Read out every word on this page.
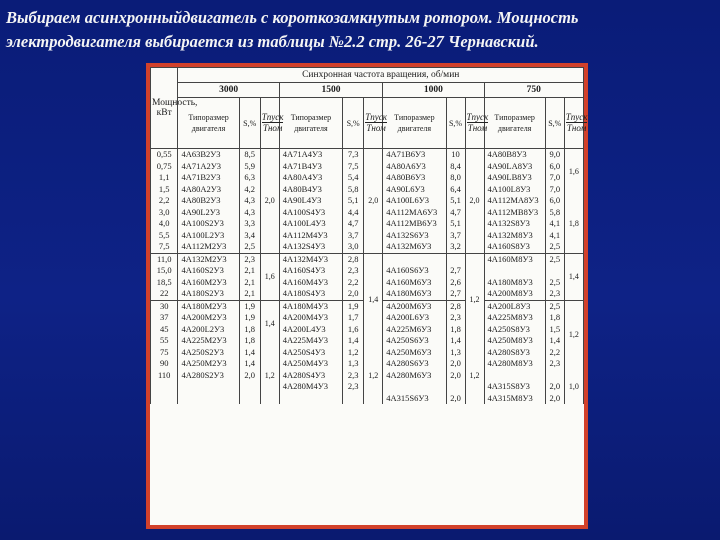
Выбираем асинхронныйдвигатель с короткозамкнутым ротором. Мощность
электродвигателя выбирается из таблицы №2.2 стр. 26-27 Чернавский.
Мощность, кВт	Синхронная частота вращения, об/мин											
	3000			1500			1000			750		
	Типоразмер двигателя	S,%	$\frac{\text{Tпуск}}{\text{Tном}}$	Типоразмер двигателя	S,%	$\frac{\text{Tпуск}}{\text{Tном}}$	Типоразмер двигателя	S,%	$\frac{\text{Tпуск}}{\text{Tном}}$	Типоразмер двигателя	S,%	$\frac{\text{Tпуск}}{\text{Tном}}$

0,55	4А63В2У3	8,5	2,0	4А71А4У3	7,3	2,0	4А71В6У3	10	2,0	4А80В8У3	9,0	1,6
0,75	4А71А2У3	5,9		4А71В4У3	7,5		4А80А6У3	8,4		4А90LА8У3	6,0	
1,1	4А71В2У3	6,3		4А80А4У3	5,4		4А80В6У3	8,0		4А90LВ8У3	7,0	
1,5	4А80А2У3	4,2		4А80В4У3	5,8		4А90L6У3	6,4		4А100L8У3	7,0	
2,2	4А80В2У3	4,3		4А90L4У3	5,1		4А100L6У3	5,1		4А112МА8У3	6,0	1,8
3,0	4А90L2У3	4,3		4А100S4У3	4,4		4А112МА6У3	4,7		4А112МВ8У3	5,8	
4,0	4А100S2У3	3,3		4А100L4У3	4,7		4А112МВ6У3	5,1		4А132S8У3	4,1	
5,5	4А100L2У3	3,4		4А112М4У3	3,7		4А132S6У3	3,7		4А132М8У3	4,1	
7,5	4А112М2У3	2,5		4А132S4У3	3,0		4А132М6У3	3,2		4А160S8У3	2,5	
11,0	4А132М2У3	2,3	1,6	4А132М4У3	2,8	1,4			1,2	4А160М8У3	2,5	1,4
15,0	4А160S2У3	2,1		4А160S4У3	2,3		4А160S6У3	2,7				
18,5	4А160М2У3	2,1		4А160М4У3	2,2		4А160М6У3	2,6		4А180М8У3	2,5	
22	4А180S2У3	2,1		4А180S4У3	2,0		4А180М6У3	2,7		4А200М8У3	2,3	
30	4А180М2У3	1,9	1,4	4А180М4У3	1,9		4А200М6У3	2,8		4А200L8У3	2,5	1,2
37	4А200М2У3	1,9		4А200М4У3	1,7		4А200L6У3	2,3		4А225М8У3	1,8	
45	4А200L2У3	1,8		4А200L4У3	1,6		4А225М6У3	1,8		4А250S8У3	1,5	
55	4А225М2У3	1,8		4А225М4У3	1,4		4А250S6У3	1,4		4А250М8У3	1,4	
75	4А250S2У3	1,4	1,2	4А250S4У3	1,2	1,2	4А250М6У3	1,3	1,2	4А280S8У3	2,2	
90	4А250М2У3	1,4		4А250М4У3	1,3		4А280S6У3	2,0		4А280М8У3	2,3	
110	4А280S2У3	2,0		4А280S4У3	2,3		4А280М6У3	2,0				1,0
				4А280М4У3	2,3					4А315S8У3	2,0	
							4А315S6У3	2,0		4А315М8У3	2,0	
